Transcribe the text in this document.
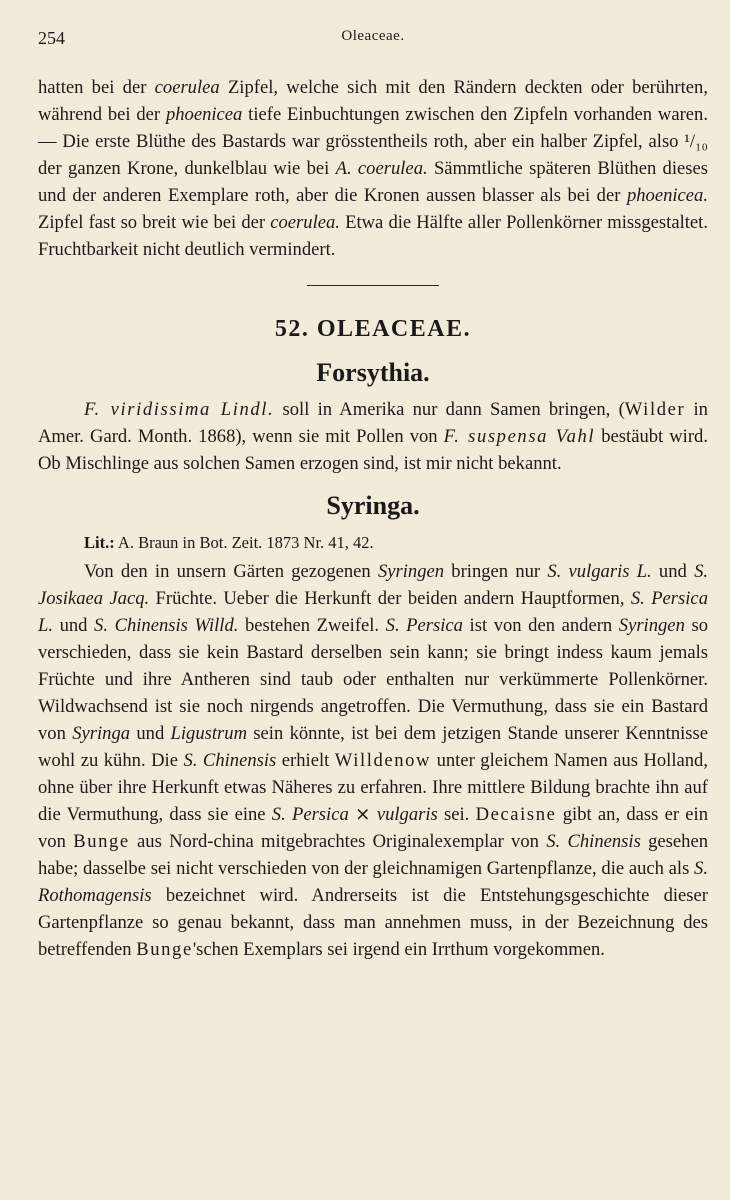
254	Oleaceae.

hatten bei der coerulea Zipfel, welche sich mit den Rändern deckten oder berührten, während bei der phoenicea tiefe Einbuchtungen zwischen den Zipfeln vorhanden waren. — Die erste Blüthe des Bastards war grösstentheils roth, aber ein halber Zipfel, also ¹/₁₀ der ganzen Krone, dunkelblau wie bei A. coerulea. Sämmtliche späteren Blüthen dieses und der anderen Exemplare roth, aber die Kronen aussen blasser als bei der phoenicea. Zipfel fast so breit wie bei der coerulea. Etwa die Hälfte aller Pollenkörner missgestaltet. Fruchtbarkeit nicht deutlich vermindert.

52. OLEACEAE.
Forsythia.

F. viridissima Lindl. soll in Amerika nur dann Samen bringen, (Wilder in Amer. Gard. Month. 1868), wenn sie mit Pollen von F. suspensa Vahl bestäubt wird. Ob Mischlinge aus solchen Samen erzogen sind, ist mir nicht bekannt.

Syringa.

Lit.: A. Braun in Bot. Zeit. 1873 Nr. 41, 42.

Von den in unsern Gärten gezogenen Syringen bringen nur S. vulgaris L. und S. Josikaea Jacq. Früchte. Ueber die Herkunft der beiden andern Hauptformen, S. Persica L. und S. Chinensis Willd. bestehen Zweifel. S. Persica ist von den andern Syringen so verschieden, dass sie kein Bastard derselben sein kann; sie bringt indess kaum jemals Früchte und ihre Antheren sind taub oder enthalten nur verkümmerte Pollenkörner. Wildwachsend ist sie noch nirgends angetroffen. Die Vermuthung, dass sie ein Bastard von Syringa und Ligustrum sein könnte, ist bei dem jetzigen Stande unserer Kenntnisse wohl zu kühn. Die S. Chinensis erhielt Willdenow unter gleichem Namen aus Holland, ohne über ihre Herkunft etwas Näheres zu erfahren. Ihre mittlere Bildung brachte ihn auf die Vermuthung, dass sie eine S. Persica ⨯ vulgaris sei. Decaisne gibt an, dass er ein von Bunge aus Nord-china mitgebrachtes Originalexemplar von S. Chinensis gesehen habe; dasselbe sei nicht verschieden von der gleichnamigen Gartenpflanze, die auch als S. Rothomagensis bezeichnet wird. Andrerseits ist die Entstehungsgeschichte dieser Gartenpflanze so genau bekannt, dass man annehmen muss, in der Bezeichnung des betreffenden Bunge'schen Exemplars sei irgend ein Irrthum vorgekommen.
